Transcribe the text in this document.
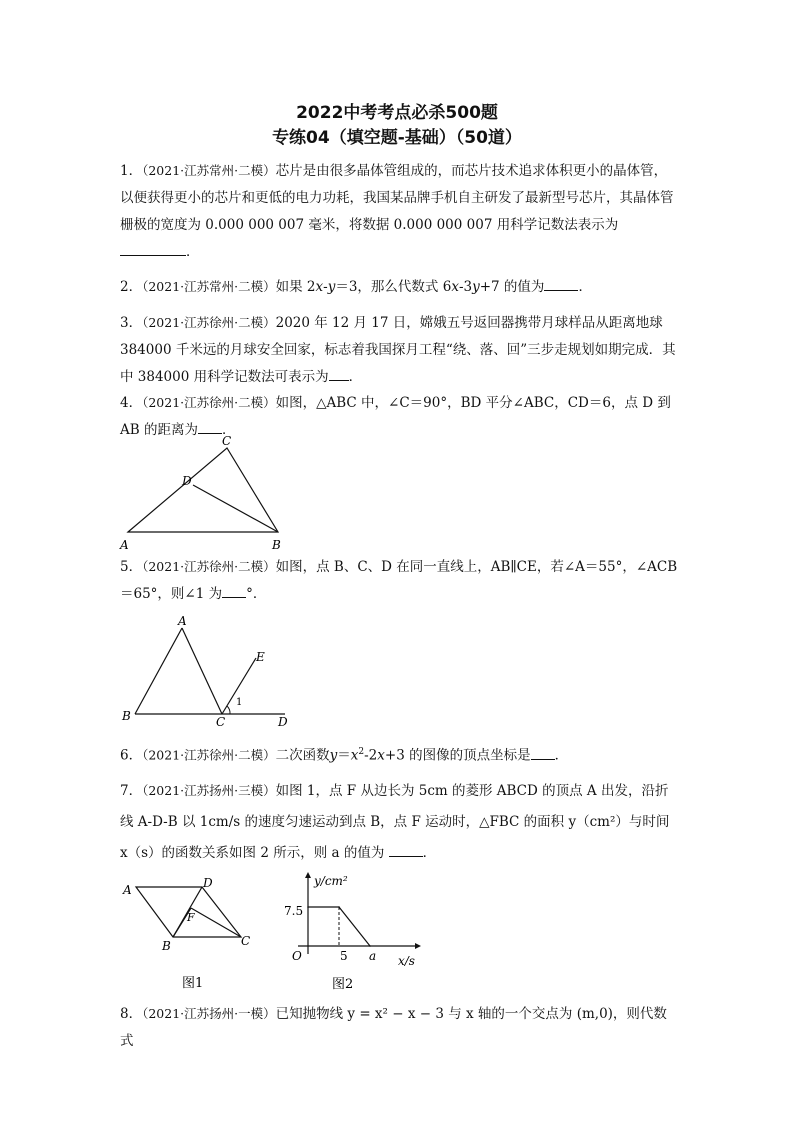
2022中考考点必杀500题
专练04（填空题-基础）（50道）
1．（2021·江苏常州·二模）芯片是由很多晶体管组成的，而芯片技术追求体积更小的晶体管，以便获得更小的芯片和更低的电力功耗，我国某品牌手机自主研发了最新型号芯片，其晶体管栅极的宽度为 0.000 000 007 毫米，将数据 0.000 000 007 用科学记数法表示为
．
2．（2021·江苏常州·二模）如果 2x-y＝3，那么代数式 6x-3y+7 的值为	．
3．（2021·江苏徐州·二模）2020 年 12 月 17 日，嫦娥五号返回器携带月球样品从距离地球 384000 千米远的月球安全回家，标志着我国探月工程“绕、落、回”三步走规划如期完成．其中 384000 用科学记数法可表示为 ．
4．（2021·江苏徐州·二模）如图，△ABC 中，∠C＝90°，BD 平分∠ABC，CD＝6，点 D 到 AB 的距离为 ．
C
D
A	B
5．（2021·江苏徐州·二模）如图，点 B、C、D 在同一直线上，AB∥CE，若∠A＝55°，∠ACB＝65°，则∠1 为 °．
A
E
1
B	C	D
6．（2021·江苏徐州·二模）二次函数$y=x^2-2x+3$ 的图像的顶点坐标是 ．
7．（2021·江苏扬州·三模）如图 1，点 F 从边长为 5cm 的菱形 ABCD 的顶点 A 出发，沿折线 A-D-B 以 1cm/s 的速度匀速运动到点 B，点 F 运动时，△FBC 的面积 y（cm²）与时间 x（s）的函数关系如图 2 所示，则 a 的值为	．
A	D
F
B	C
图1
y/cm²
x/s
O
7.5
5 a
图2
8．（2021·江苏扬州·一模）已知抛物线 y = x² − x − 3 与 x 轴的一个交点为 (m,0)，则代数式
